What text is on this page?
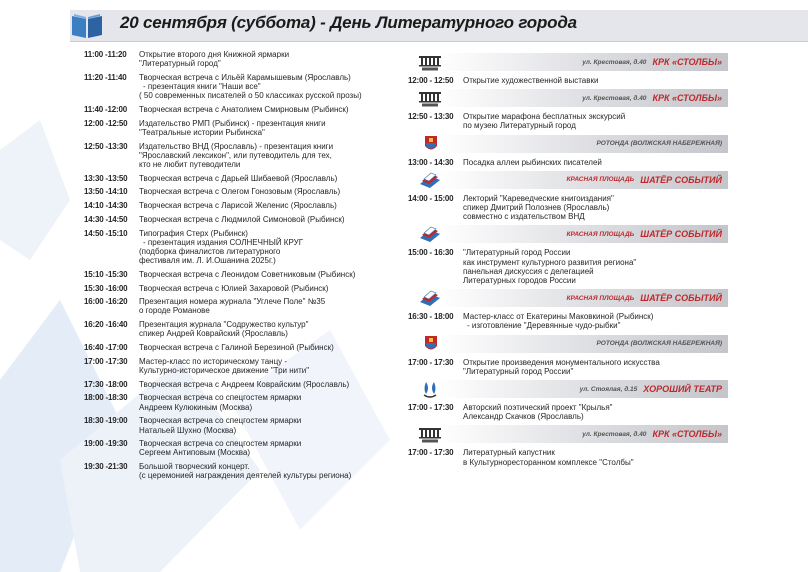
20 сентября (суббота) - День Литературного города
11:00 -11:20	Открытие второго дня Книжной ярмарки
"Литературный город"
11:20 -11:40	Творческая встреча с Ильёй Карамышевым (Ярославль)
- презентация книги "Наши все"
( 50 современных писателей о 50 классиках русской прозы)
11:40 -12:00	Творческая встреча с Анатолием Смирновым (Рыбинск)
12:00 -12:50	Издательство РМП (Рыбинск) - презентация книги
"Театральные истории Рыбинска"
12:50 -13:30	Издательство ВНД (Ярославль) - презентация книги
"Ярославский лексикон", или путеводитель для тех,
кто не любит путеводители
13:30 -13:50	Творческая встреча с Дарьей Шибаевой (Ярославль)
13:50 -14:10	Творческая встреча с Олегом Гонозовым (Ярославль)
14:10 -14:30	Творческая встреча с Ларисой Желенис (Ярославль)
14:30 -14:50	Творческая встреча с Людмилой Симоновой (Рыбинск)
14:50 -15:10	Типография Стерх (Рыбинск)
- презентация издания СОЛНЕЧНЫЙ КРУГ
(подборка финалистов литературного
фестиваля им. Л. И.Ошанина 2025г.)
15:10 -15:30	Творческая встреча с Леонидом Советниковым (Рыбинск)
15:30 -16:00	Творческая встреча с Юлией Захаровой (Рыбинск)
16:00 -16:20	Презентация номера журнала "Углече Поле" №35
о городе Романове
16:20 -16:40	Презентация журнала "Содружество культур"
спикер Андрей Коврайский (Ярославль)
16:40 -17:00	Творческая встреча с Галиной Березиной (Рыбинск)
17:00 -17:30	Мастер-класс по историческому танцу -
Культурно-историческое движение "Три нити"
17:30 -18:00	Творческая встреча с Андреем Коврайским (Ярославль)
18:00 -18:30	Творческая встреча со спецгостем ярмарки
Андреем Кулюкиным (Москва)
18:30 -19:00	Творческая встреча со спецгостем ярмарки
Натальей Шухно (Москва)
19:00 -19:30	Творческая встреча со спецгостем ярмарки
Сергеем Антиповым (Москва)
19:30 -21:30	Большой творческий концерт.
(с церемонией награждения деятелей культуры региона)
ул. Крестовая, д.40 КРК «СТОЛБЫ»
12:00 - 12:50	Открытие художественной выставки
ул. Крестовая, д.40 КРК «СТОЛБЫ»
12:50 - 13:30	Открытие марафона бесплатных экскурсий
по музею Литературный город
РОТОНДА (ВОЛЖСКАЯ НАБЕРЕЖНАЯ)
13:00 - 14:30	Посадка аллеи рыбинских писателей
КРАСНАЯ ПЛОЩАДЬ ШАТЁР СОБЫТИЙ
14:00 - 15:00	Лекторий "Кареведческие книгоиздания"
спикер Дмитрий Полознев (Ярославль)
совместно с издательством ВНД
КРАСНАЯ ПЛОЩАДЬ ШАТЁР СОБЫТИЙ
15:00 - 16:30	"Литературный город России
как инструмент культурного развития региона"
панельная дискуссия с делегацией
Литературных городов России
КРАСНАЯ ПЛОЩАДЬ ШАТЁР СОБЫТИЙ
16:30 - 18:00	Мастер-класс от Екатерины Маковкиной (Рыбинск)
- изготовление "Деревянные чудо-рыбки"
РОТОНДА (ВОЛЖСКАЯ НАБЕРЕЖНАЯ)
17:00 - 17:30	Открытие произведения монументального искусства
"Литературный город России"
ул. Стоялая, д.15 ХОРОШИЙ ТЕАТР
17:00 - 17:30	Авторский поэтический проект "Крылья"
Александр Скачков (Ярославль)
ул. Крестовая, д.40 КРК «СТОЛБЫ»
17:00 - 17:30	Литературный капустник
в Культурноресторанном комплексе "Столбы"
